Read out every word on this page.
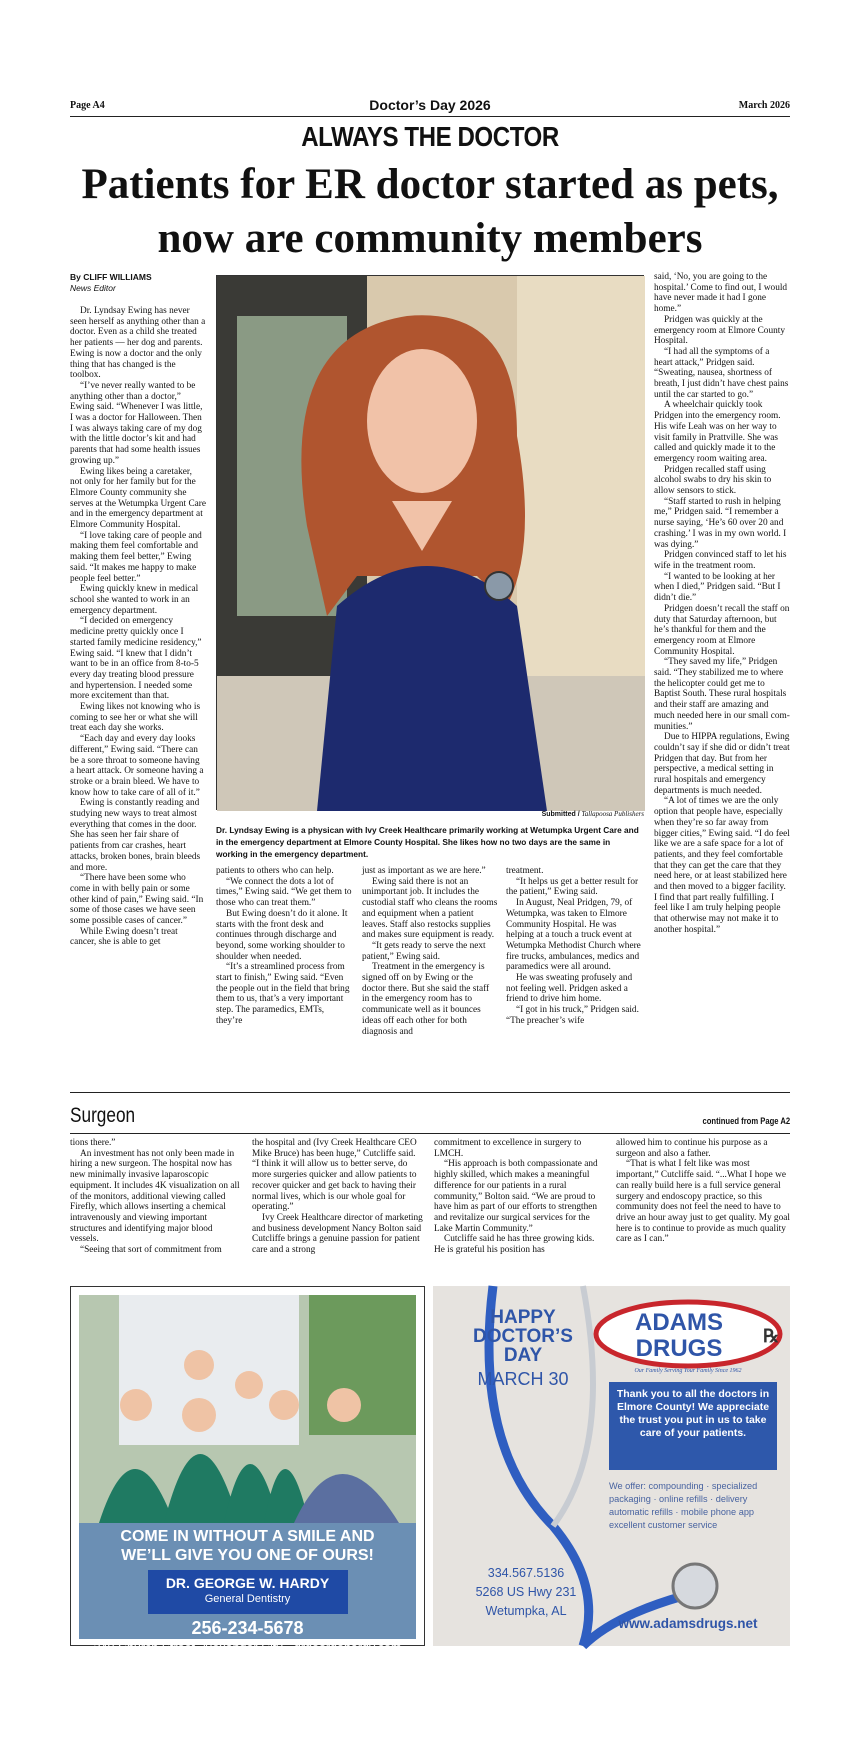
Page A4	Doctor’s Day 2026	March 2026
ALWAYS THE DOCTOR
Patients for ER doctor started as pets,
now are community members
By CLIFF WILLIAMS
News Editor

Dr. Lyndsay Ewing has never seen herself as anything other than a doctor. Even as a child she treated her patients — her dog and parents. Ewing is now a doctor and the only thing that has changed is the toolbox.

“I’ve never really wanted to be anything other than a doctor,” Ewing said. “Whenever I was little, I was a doctor for Halloween. Then I was always taking care of my dog with the little doctor’s kit and had parents that had some health issues growing up.”

Ewing likes being a caretaker, not only for her family but for the Elmore County community she serves at the Wetumpka Urgent Care and in the emergency department at Elmore Community Hospital.

“I love taking care of people and making them feel comfortable and making them feel better,” Ewing said. “It makes me happy to make people feel better.”

Ewing quickly knew in medical school she wanted to work in an emergency department.

“I decided on emergency medicine pretty quickly once I started family medicine residency,” Ewing said. “I knew that I didn’t want to be in an office from 8-to-5 every day treating blood pressure and hypertension. I needed some more excitement than that.

Ewing likes not knowing who is coming to see her or what she will treat each day she works.

“Each day and every day looks different,” Ewing said. “There can be a sore throat to someone having a heart attack. Or someone having a stroke or a brain bleed. We have to know how to take care of all of it.”

Ewing is constantly reading and studying new ways to treat almost everything that comes in the door. She has seen her fair share of patients from car crashes, heart attacks, broken bones, brain bleeds and more.

“There have been some who come in with belly pain or some other kind of pain,” Ewing said. “In some of those cases we have seen some possible cases of cancer.”

While Ewing doesn’t treat cancer, she is able to get

Submitted / Tallapoosa Publishers
Dr. Lyndsay Ewing is a physican with Ivy Creek Healthcare primarily working at Wetumpka Urgent Care and in the emergency department at Elmore County Hospital. She likes how no two days are the same in working in the emergency department.

patients to others who can help.

“We connect the dots a lot of times,” Ewing said. “We get them to those who can treat them.”

But Ewing doesn’t do it alone. It starts with the front desk and continues through discharge and beyond, some working shoulder to shoulder when needed.

“It’s a streamlined process from start to finish,” Ewing said. “Even the people out in the field that bring them to us, that’s a very important step. The paramedics, EMTs, they’re

just as important as we are here.”

Ewing said there is not an unimportant job. It includes the custodial staff who cleans the rooms and equipment when a patient leaves. Staff also restocks supplies and makes sure equipment is ready.

“It gets ready to serve the next patient,” Ewing said.

Treatment in the emergency is signed off on by Ewing or the doctor there. But she said the staff in the emergency room has to communicate well as it bounces ideas off each other for both diagnosis and

treatment.

“It helps us get a better result for the patient,” Ewing said.

In August, Neal Pridgen, 79, of Wetumpka, was taken to Elmore Community Hospital. He was helping at a touch a truck event at Wetumpka Methodist Church where fire trucks, ambulances, medics and paramedics were all around.

He was sweating profusely and not feeling well. Pridgen asked a friend to drive him home.

“I got in his truck,” Pridgen said. “The preacher’s wife

said, ‘No, you are going to the hospital.’ Come to find out, I would have never made it had I gone home.”

Pridgen was quickly at the emergency room at Elmore County Hospital.

“I had all the symptoms of a heart attack,” Pridgen said. “Sweating, nausea, shortness of breath, I just didn’t have chest pains until the car started to go.”

A wheelchair quickly took Pridgen into the emergency room. His wife Leah was on her way to visit family in Prattville. She was called and quickly made it to the emergency room waiting area.

Pridgen recalled staff using alcohol swabs to dry his skin to allow sensors to stick.

“Staff started to rush in helping me,” Pridgen said. “I remember a nurse saying, ‘He’s 60 over 20 and crashing.’ I was in my own world. I was dying.”

Pridgen convinced staff to let his wife in the treatment room.

“I wanted to be looking at her when I died,” Pridgen said. “But I didn’t die.”

Pridgen doesn’t recall the staff on duty that Saturday afternoon, but he’s thankful for them and the emergency room at Elmore Community Hospital.

“They saved my life,” Pridgen said. “They stabilized me to where the helicopter could get me to Baptist South. These rural hospitals and their staff are amazing and much needed here in our small communities.”

Due to HIPPA regulations, Ewing couldn’t say if she did or didn’t treat Pridgen that day. But from her perspective, a medical setting in rural hospitals and emergency departments is much needed.

“A lot of times we are the only option that people have, especially when they’re so far away from bigger cities,” Ewing said. “I do feel like we are a safe space for a lot of patients, and they feel comfortable that they can get the care that they need here, or at least stabilized here and then moved to a bigger facility. I find that part really fulfilling. I feel like I am truly helping people that otherwise may not make it to another hospital.”

Surgeon	continued from Page A2

tions there.”

An investment has not only been made in hiring a new surgeon. The hospital now has new minimally invasive laparoscopic equipment. It includes 4K visualization on all of the monitors, additional viewing called Firefly, which allows inserting a chemical intravenously and viewing important structures and identifying major blood vessels.

“Seeing that sort of commitment from

the hospital and (Ivy Creek Healthcare CEO Mike Bruce) has been huge,” Cutcliffe said. “I think it will allow us to better serve, do more surgeries quicker and allow patients to recover quicker and get back to having their normal lives, which is our whole goal for operating.”

Ivy Creek Healthcare director of marketing and business development Nancy Bolton said Cutcliffe brings a genuine passion for patient care and a strong

commitment to excellence in surgery to LMCH.

“His approach is both compassionate and highly skilled, which makes a meaningful difference for our patients in a rural community,” Bolton said. “We are proud to have him as part of our efforts to strengthen and revitalize our surgical services for the Lake Martin Community.”

Cutcliffe said he has three growing kids. He is grateful his position has

allowed him to continue his purpose as a surgeon and also a father.

“That is what I felt like was most important,” Cutcliffe said. “...What I hope we can really build here is a full service general surgery and endoscopy practice, so this community does not feel the need to have to drive an hour away just to get quality. My goal here is to continue to provide as much quality care as I can.”

COME IN WITHOUT A SMILE AND
WE’LL GIVE YOU ONE OF OURS!
DR. GEORGE W. HARDY
General Dentistry
256-234-5678
340 Church Street, Alexander City • drgeorgehardy.com
HAPPY
DOCTOR’S
DAY
MARCH 30
ADAMS
DRUGS ℞
Our Family Serving Your Family Since 1962
Thank you to all the doctors in Elmore County! We appreciate the trust you put in us to take care of your patients.
We offer: compounding · specialized packaging · online refills · delivery automatic refills · mobile phone app excellent customer service
334.567.5136
5268 US Hwy 231
Wetumpka, AL
www.adamsdrugs.net
